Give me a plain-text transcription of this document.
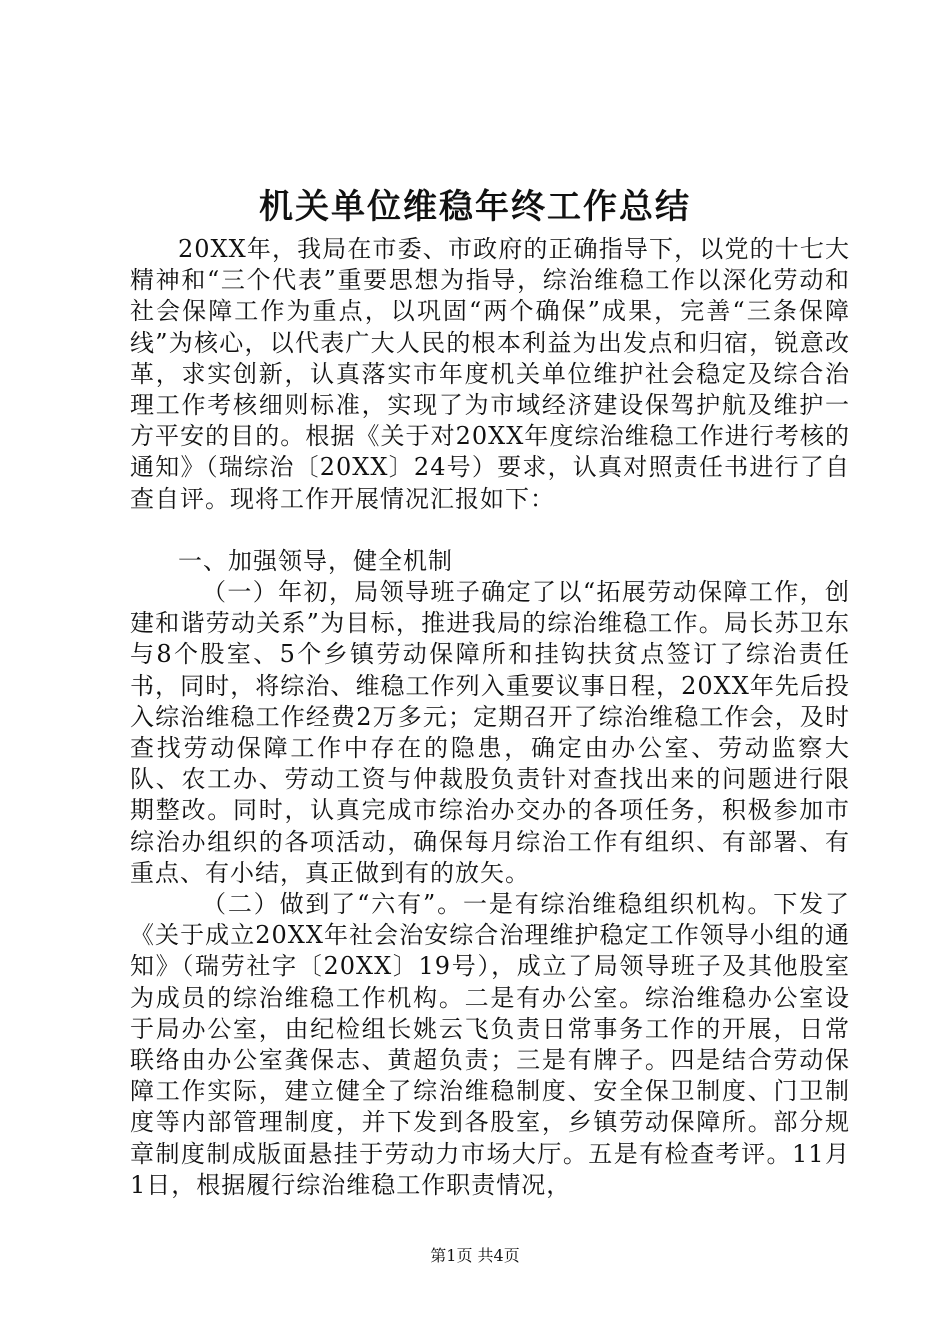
机关单位维稳年终工作总结

20XX年，我局在市委、市政府的正确指导下，以党的十七大精神和“三个代表”重要思想为指导，综治维稳工作以深化劳动和社会保障工作为重点，以巩固“两个确保”成果，完善“三条保障线”为核心，以代表广大人民的根本利益为出发点和归宿，锐意改革，求实创新，认真落实市年度机关单位维护社会稳定及综合治理工作考核细则标准，实现了为市域经济建设保驾护航及维护一方平安的目的。根据《关于对20XX年度综治维稳工作进行考核的通知》（瑞综治〔20XX〕24号）要求，认真对照责任书进行了自查自评。现将工作开展情况汇报如下：

一、加强领导，健全机制

（一）年初，局领导班子确定了以“拓展劳动保障工作，创建和谐劳动关系”为目标，推进我局的综治维稳工作。局长苏卫东与8个股室、5个乡镇劳动保障所和挂钩扶贫点签订了综治责任书，同时，将综治、维稳工作列入重要议事日程，20XX年先后投入综治维稳工作经费2万多元；定期召开了综治维稳工作会，及时查找劳动保障工作中存在的隐患，确定由办公室、劳动监察大队、农工办、劳动工资与仲裁股负责针对查找出来的问题进行限期整改。同时，认真完成市综治办交办的各项任务，积极参加市综治办组织的各项活动，确保每月综治工作有组织、有部署、有重点、有小结，真正做到有的放矢。

（二）做到了“六有”。一是有综治维稳组织机构。下发了《关于成立20XX年社会治安综合治理维护稳定工作领导小组的通知》（瑞劳社字〔20XX〕19号），成立了局领导班子及其他股室为成员的综治维稳工作机构。二是有办公室。综治维稳办公室设于局办公室，由纪检组长姚云飞负责日常事务工作的开展，日常联络由办公室龚保志、黄超负责；三是有牌子。四是结合劳动保障工作实际，建立健全了综治维稳制度、安全保卫制度、门卫制度等内部管理制度，并下发到各股室，乡镇劳动保障所。部分规章制度制成版面悬挂于劳动力市场大厅。五是有检查考评。11月1日，根据履行综治维稳工作职责情况，

第1页 共4页
